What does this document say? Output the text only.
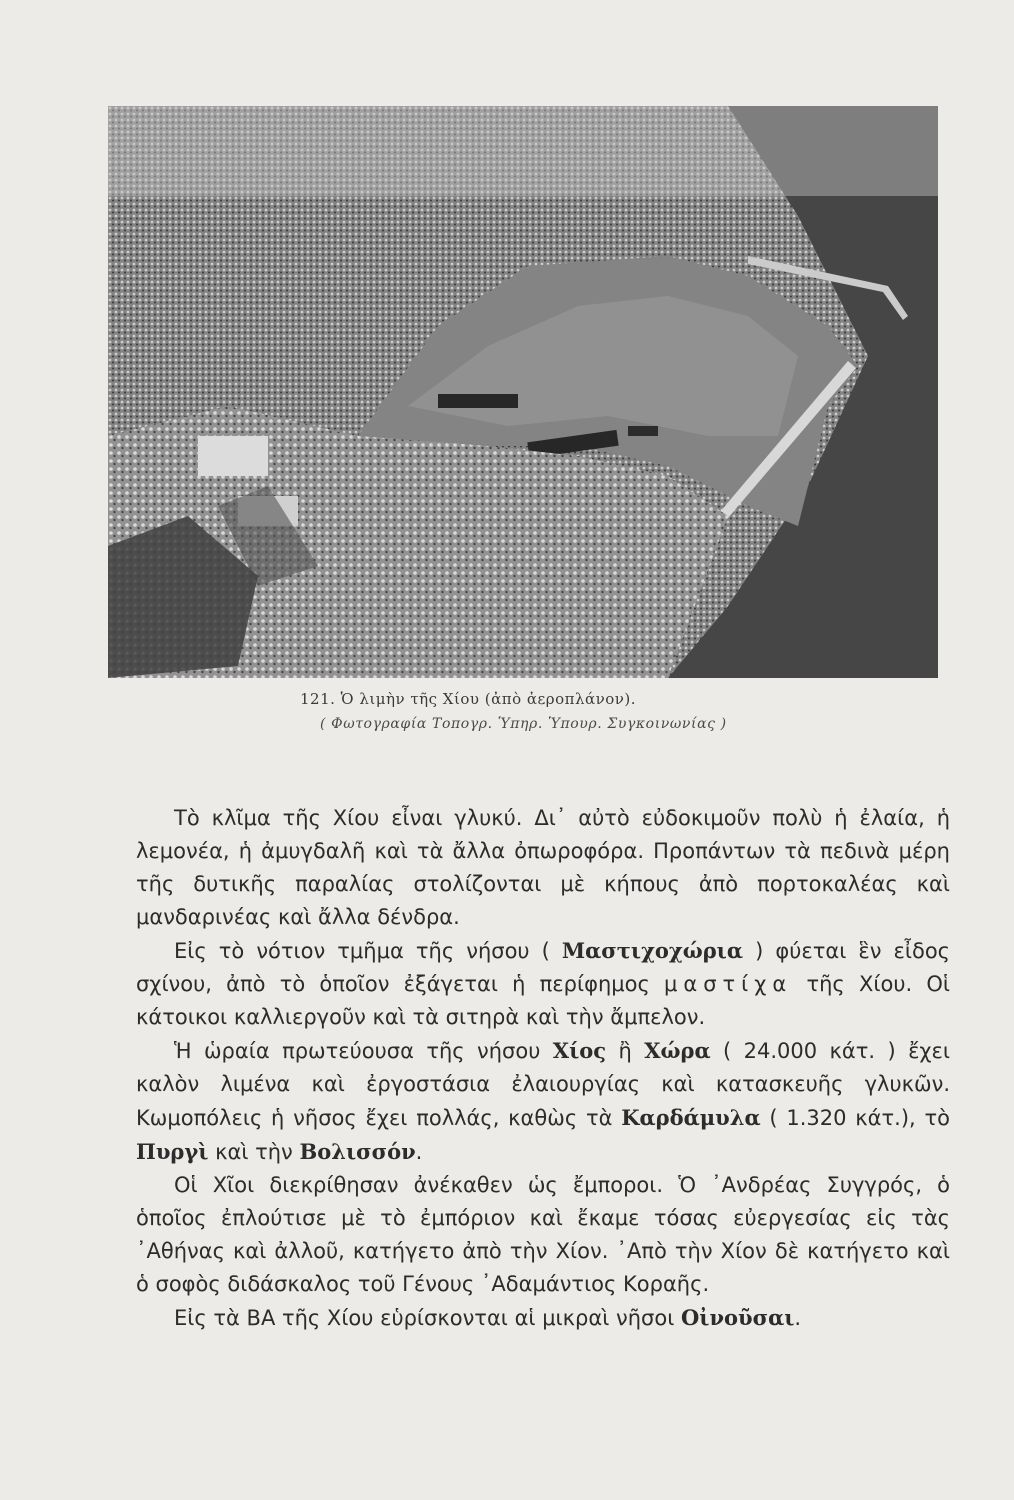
121. Ὁ λιμὴν τῆς Χίου (ἀπὸ ἀεροπλάνον).
( Φωτογραφία Τοπογρ. Ὑπηρ. Ὑπουρ. Συγκοινωνίας )

Τὸ κλῖμα τῆς Χίου εἶναι γλυκύ. Δι᾿ αὐτὸ εὐδοκιμοῦν πολὺ ἡ ἐλαία, ἡ λεμονέα, ἡ ἀμυγδαλῆ καὶ τὰ ἄλλα ὀπωροφόρα. Προπάντων τὰ πεδινὰ μέρη τῆς δυτικῆς παραλίας στολίζονται μὲ κήπους ἀπὸ πορτοκαλέας καὶ μανδαρινέας καὶ ἄλλα δένδρα.

Εἰς τὸ νότιον τμῆμα τῆς νήσου ( Μαστιχοχώρια ) φύεται ἓν εἶδος σχίνου, ἀπὸ τὸ ὁποῖον ἐξάγεται ἡ περίφημος μαστίχα τῆς Χίου. Οἱ κάτοικοι καλλιεργοῦν καὶ τὰ σιτηρὰ καὶ τὴν ἄμπελον.

Ἡ ὡραία πρωτεύουσα τῆς νήσου Χίος ἢ Χώρα ( 24.000 κάτ. ) ἔχει καλὸν λιμένα καὶ ἐργοστάσια ἐλαιουργίας καὶ κατασκευῆς γλυκῶν. Κωμοπόλεις ἡ νῆσος ἔχει πολλάς, καθὼς τὰ Καρδάμυλα ( 1.320 κάτ.), τὸ Πυργὶ καὶ τὴν Βολισσόν.

Οἱ Χῖοι διεκρίθησαν ἀνέκαθεν ὡς ἔμποροι. Ὁ ᾿Ανδρέας Συγγρός, ὁ ὁποῖος ἐπλούτισε μὲ τὸ ἐμπόριον καὶ ἔκαμε τόσας εὐεργεσίας εἰς τὰς ᾿Αθήνας καὶ ἀλλοῦ, κατήγετο ἀπὸ τὴν Χίον. ᾿Απὸ τὴν Χίον δὲ κατήγετο καὶ ὁ σοφὸς διδάσκαλος τοῦ Γένους ᾿Αδαμάντιος Κοραῆς.

Εἰς τὰ ΒΑ τῆς Χίου εὑρίσκονται αἱ μικραὶ νῆσοι Οἰνοῦσαι.
